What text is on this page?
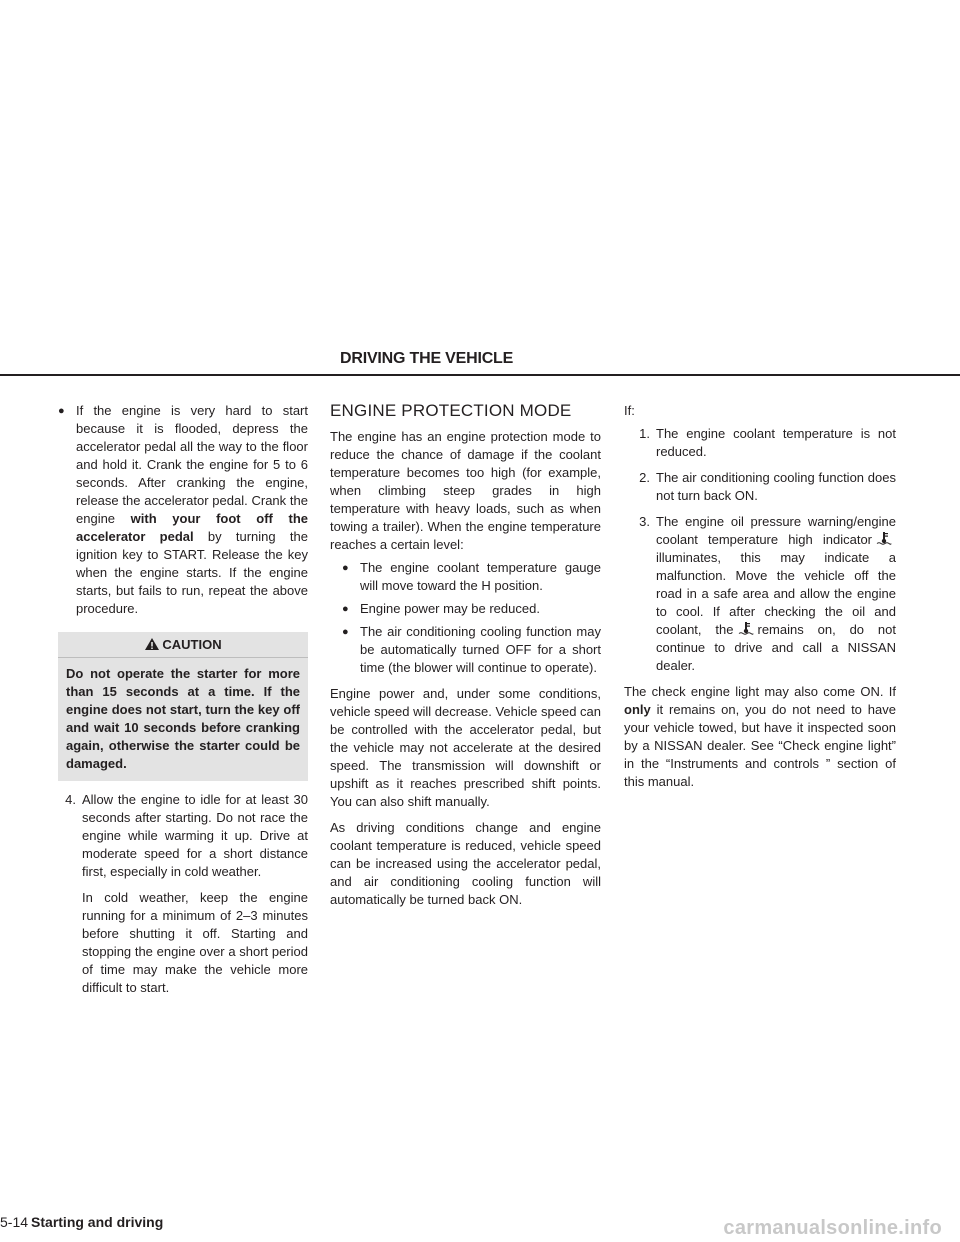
DRIVING THE VEHICLE
● If the engine is very hard to start because it is flooded, depress the accelerator pedal all the way to the floor and hold it. Crank the engine for 5 to 6 seconds. After cranking the engine, release the accelerator pedal. Crank the engine with your foot off the accelerator pedal by turning the ignition key to START. Release the key when the engine starts. If the engine starts, but fails to run, repeat the above procedure.
CAUTION
Do not operate the starter for more than 15 seconds at a time. If the engine does not start, turn the key off and wait 10 seconds before cranking again, otherwise the starter could be damaged.
4. Allow the engine to idle for at least 30 seconds after starting. Do not race the engine while warming it up. Drive at moderate speed for a short distance first, especially in cold weather.

In cold weather, keep the engine running for a minimum of 2–3 minutes before shutting it off. Starting and stopping the engine over a short period of time may make the vehicle more difficult to start.

ENGINE PROTECTION MODE

The engine has an engine protection mode to reduce the chance of damage if the coolant temperature becomes too high (for example, when climbing steep grades in high temperature with heavy loads, such as when towing a trailer). When the engine temperature reaches a certain level:

● The engine coolant temperature gauge will move toward the H position.
● Engine power may be reduced.
● The air conditioning cooling function may be automatically turned OFF for a short time (the blower will continue to operate).

Engine power and, under some conditions, vehicle speed will decrease. Vehicle speed can be controlled with the accelerator pedal, but the vehicle may not accelerate at the desired speed. The transmission will downshift or upshift as it reaches prescribed shift points. You can also shift manually.

As driving conditions change and engine coolant temperature is reduced, vehicle speed can be increased using the accelerator pedal, and air conditioning cooling function will automatically be turned back ON.

If:

1. The engine coolant temperature is not reduced.
2. The air conditioning cooling function does not turn back ON.
3. The engine oil pressure warning/engine coolant temperature high indicatorilluminates, this may indicate a malfunction. Move the vehicle off the road in a safe area and allow the engine to cool. If after checking the oil and coolant, the remains on, do not continue to drive and call a NISSAN dealer.

The check engine light may also come ON. If only it remains on, you do not need to have your vehicle towed, but have it inspected soon by a NISSAN dealer. See “Check engine light” in the “Instruments and controls ” section of this manual.

5-14 Starting and driving	carmanualsonline.info
